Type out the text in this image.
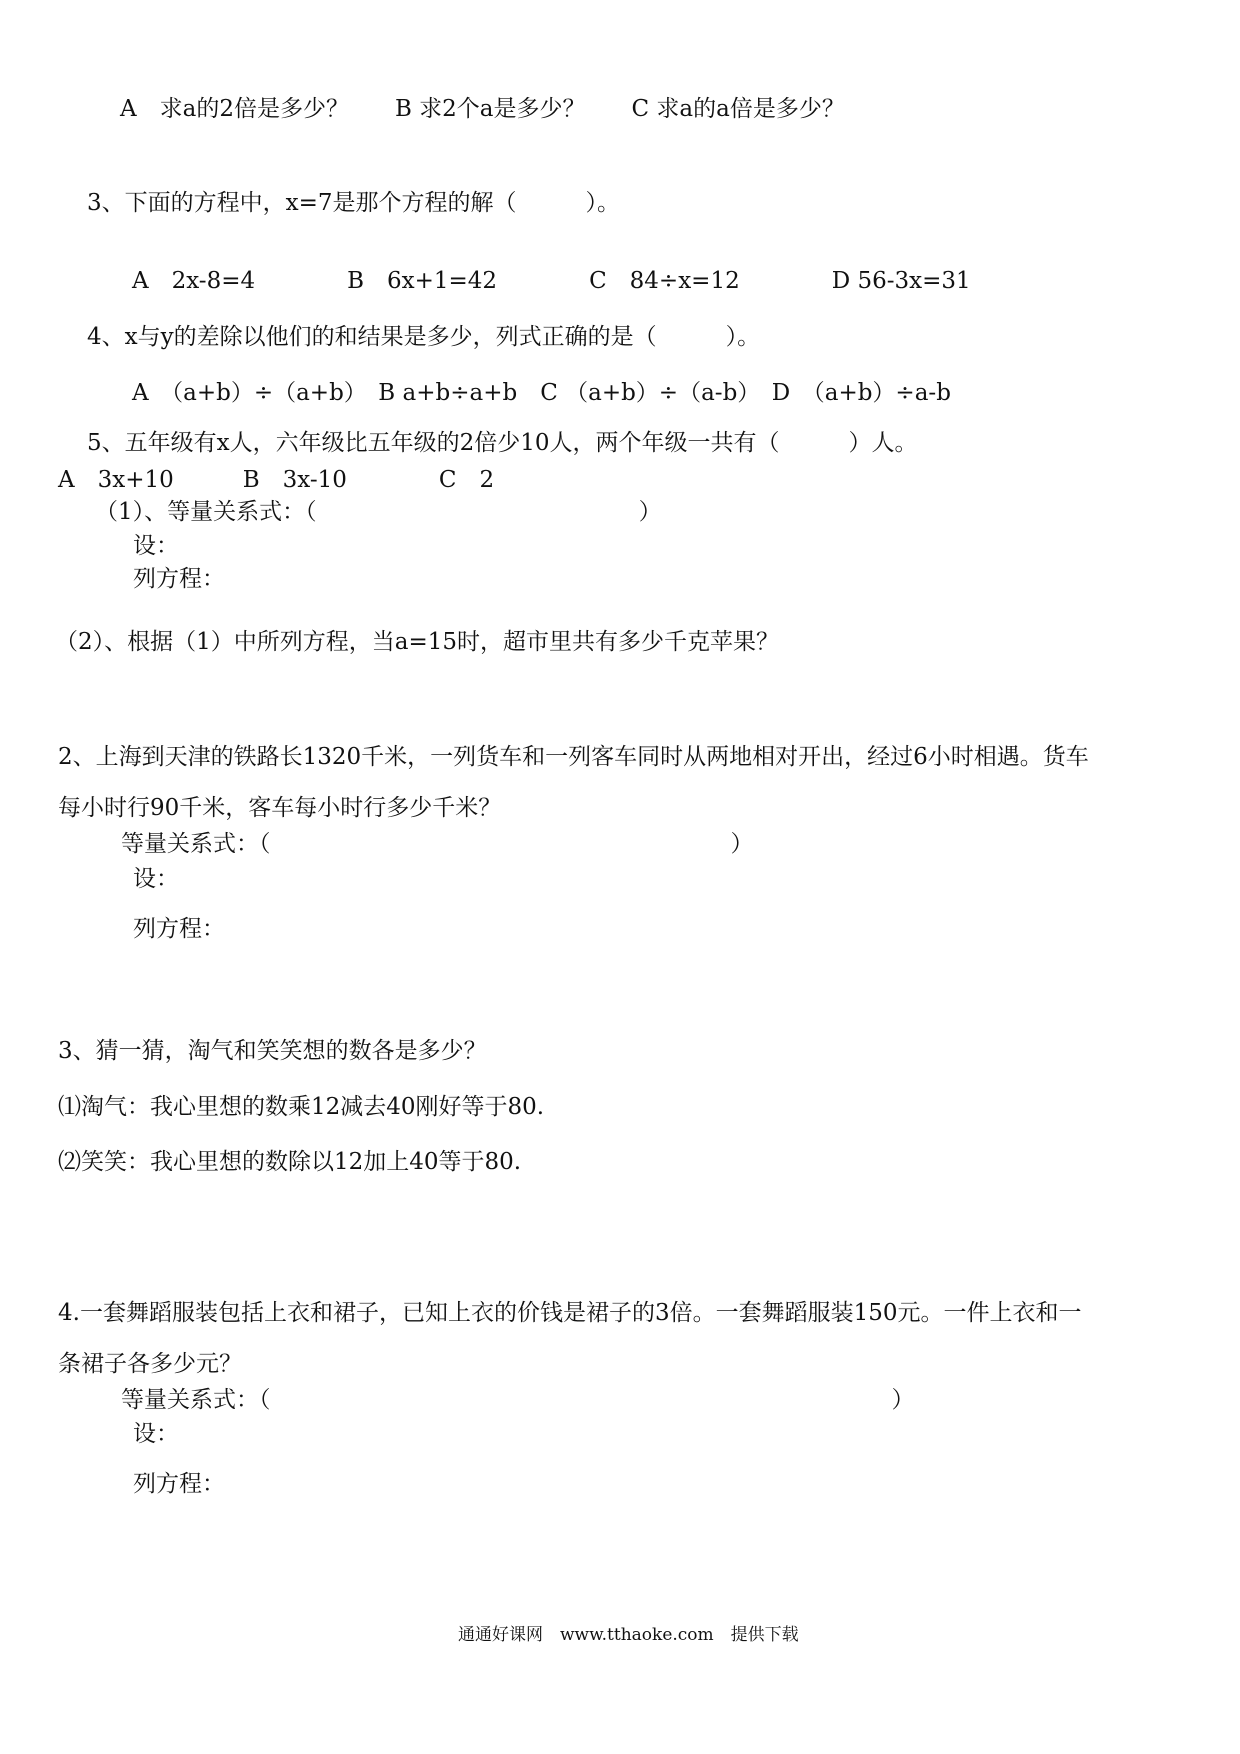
A　求a的2倍是多少？　　B 求2个a是多少？　　C 求a的a倍是多少？
3、下面的方程中，x=7是那个方程的解（　　　）。
A　2x-8=4　　　　B　6x+1=42　　　　C　84÷x=12　　　　D 56-3x=31
4、x与y的差除以他们的和结果是多少，列式正确的是（　　　）。
A　（a+b）÷（a+b）　B a+b÷a+b　C （a+b）÷（a-b）　D　（a+b）÷a-b
5、五年级有x人，六年级比五年级的2倍少10人，两个年级一共有（　　　）人。
A　3x+10　　　B　3x-10　　　　C　2
（1）、等量关系式：（　　　　　　　　　　　　　　）
设：
列方程：
（2）、根据（1）中所列方程，当a=15时，超市里共有多少千克苹果？
2、上海到天津的铁路长1320千米，一列货车和一列客车同时从两地相对开出，经过6小时相遇。货车
每小时行90千米，客车每小时行多少千米？
等量关系式：（　　　　　　　　　　　　　　　　　　　　）
设：
列方程：
3、猜一猜，淘气和笑笑想的数各是多少？
⑴淘气：我心里想的数乘12减去40刚好等于80.
⑵笑笑：我心里想的数除以12加上40等于80.
4.一套舞蹈服装包括上衣和裙子，已知上衣的价钱是裙子的3倍。一套舞蹈服装150元。一件上衣和一
条裙子各多少元？
等量关系式：（　　　　　　　　　　　　　　　　　　　　　　　　　　　）
设：
列方程：
通通好课网　www.tthaoke.com　提供下载
